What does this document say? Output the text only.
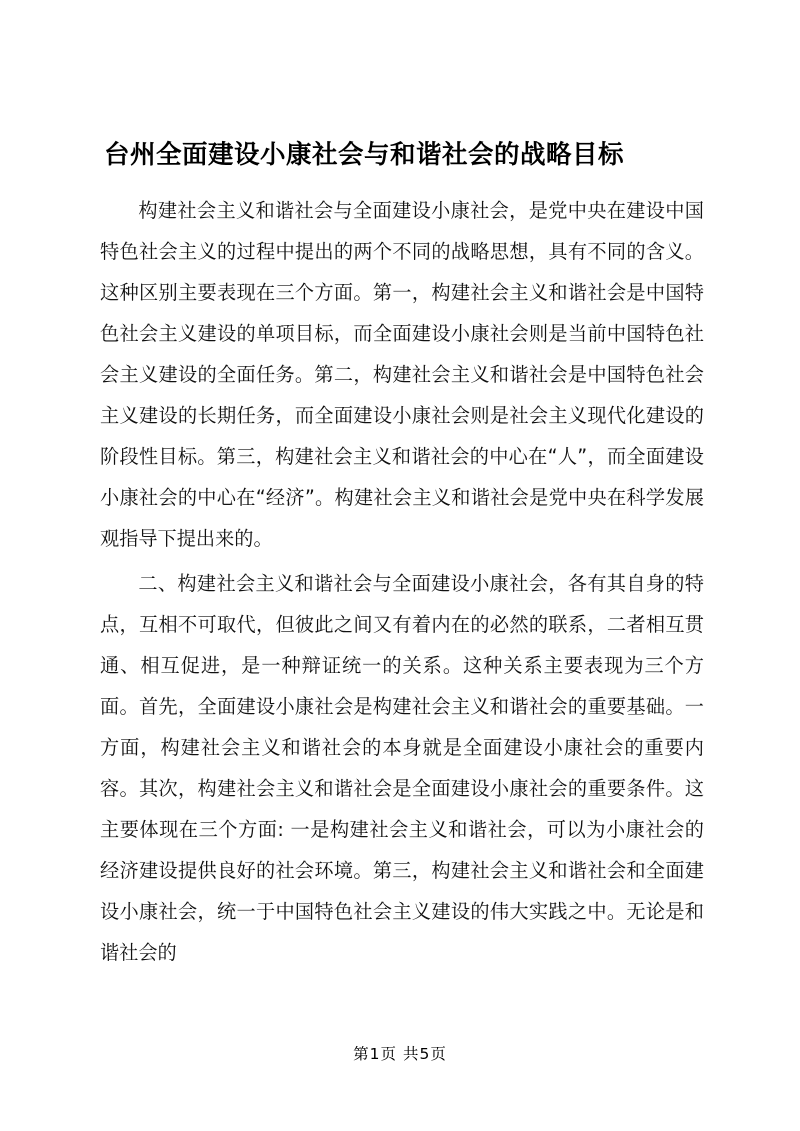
台州全面建设小康社会与和谐社会的战略目标

构建社会主义和谐社会与全面建设小康社会，是党中央在建设中国特色社会主义的过程中提出的两个不同的战略思想，具有不同的含义。这种区别主要表现在三个方面。第一，构建社会主义和谐社会是中国特色社会主义建设的单项目标，而全面建设小康社会则是当前中国特色社会主义建设的全面任务。第二，构建社会主义和谐社会是中国特色社会主义建设的长期任务，而全面建设小康社会则是社会主义现代化建设的阶段性目标。第三，构建社会主义和谐社会的中心在“人”，而全面建设小康社会的中心在“经济”。构建社会主义和谐社会是党中央在科学发展观指导下提出来的。

二、构建社会主义和谐社会与全面建设小康社会，各有其自身的特点，互相不可取代，但彼此之间又有着内在的必然的联系，二者相互贯通、相互促进，是一种辩证统一的关系。这种关系主要表现为三个方面。首先，全面建设小康社会是构建社会主义和谐社会的重要基础。一方面，构建社会主义和谐社会的本身就是全面建设小康社会的重要内容。其次，构建社会主义和谐社会是全面建设小康社会的重要条件。这主要体现在三个方面: 一是构建社会主义和谐社会，可以为小康社会的经济建设提供良好的社会环境。第三，构建社会主义和谐社会和全面建设小康社会，统一于中国特色社会主义建设的伟大实践之中。无论是和谐社会的

第1页 共5页
